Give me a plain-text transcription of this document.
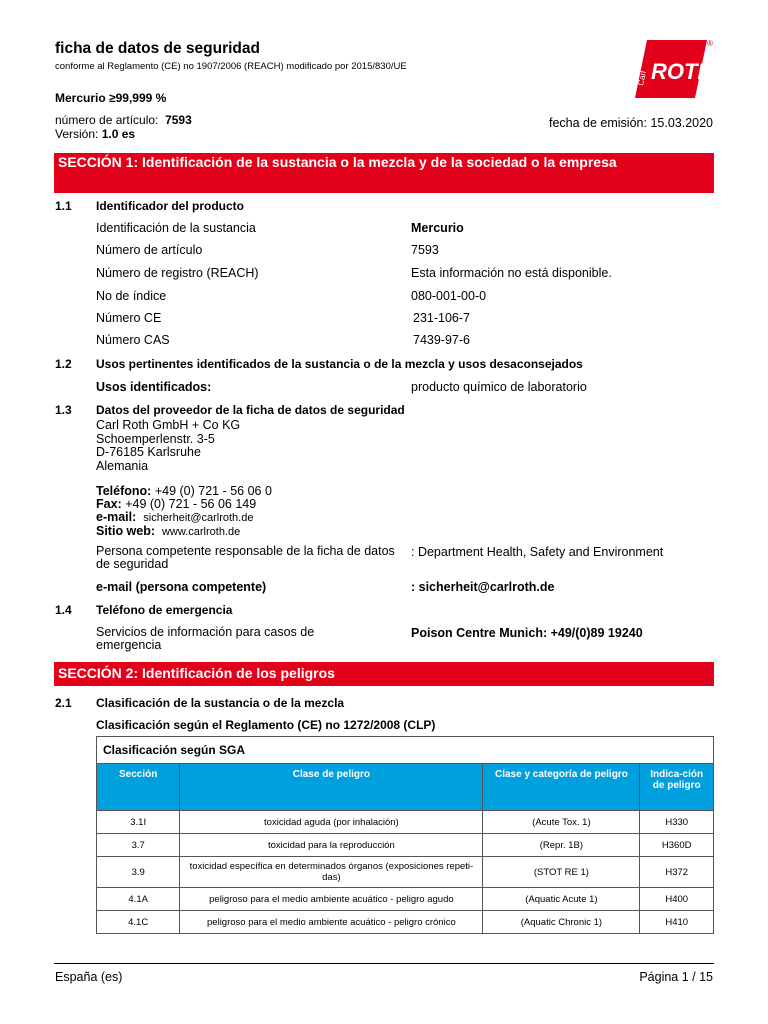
ficha de datos de seguridad
conforme al Reglamento (CE) no 1907/2006 (REACH) modificado por 2015/830/UE
Mercurio ≥99,999 %
número de artículo: 7593
Versión: 1.0 es
fecha de emisión: 15.03.2020
Carl ROTH
®
SECCIÓN 1: Identificación de la sustancia o la mezcla y de la sociedad o la empresa
1.1 Identificador del producto
Identificación de la sustancia	Mercurio
Número de artículo	7593
Número de registro (REACH)	Esta información no está disponible.
No de índice	080-001-00-0
Número CE	231-106-7
Número CAS	7439-97-6
1.2 Usos pertinentes identificados de la sustancia o de la mezcla y usos desaconsejados
Usos identificados:	producto químico de laboratorio
1.3 Datos del proveedor de la ficha de datos de seguridad
Carl Roth GmbH + Co KG
Schoemperlenstr. 3-5
D-76185 Karlsruhe
Alemania
Teléfono: +49 (0) 721 - 56 06 0
Fax: +49 (0) 721 - 56 06 149
e-mail: sicherheit@carlroth.de
Sitio web: www.carlroth.de
Persona competente responsable de la ficha de datos de seguridad
: Department Health, Safety and Environment
e-mail (persona competente)	: sicherheit@carlroth.de
1.4 Teléfono de emergencia
Servicios de información para casos de emergencia
Poison Centre Munich: +49/(0)89 19240
SECCIÓN 2: Identificación de los peligros
2.1 Clasificación de la sustancia o de la mezcla
Clasificación según el Reglamento (CE) no 1272/2008 (CLP)
Clasificación según SGA			
Sección	Clase de peligro	Clase y categoría de peligro	Indica-ción de peligro
3.1I	toxicidad aguda (por inhalación)	(Acute Tox. 1)	H330
3.7	toxicidad para la reproducción	(Repr. 1B)	H360D
3.9	toxicidad específica en determinados órganos (exposiciones repeti-das)	(STOT RE 1)	H372
4.1A	peligroso para el medio ambiente acuático - peligro agudo	(Aquatic Acute 1)	H400
4.1C	peligroso para el medio ambiente acuático - peligro crónico	(Aquatic Chronic 1)	H410
España (es)	Página 1 / 15
